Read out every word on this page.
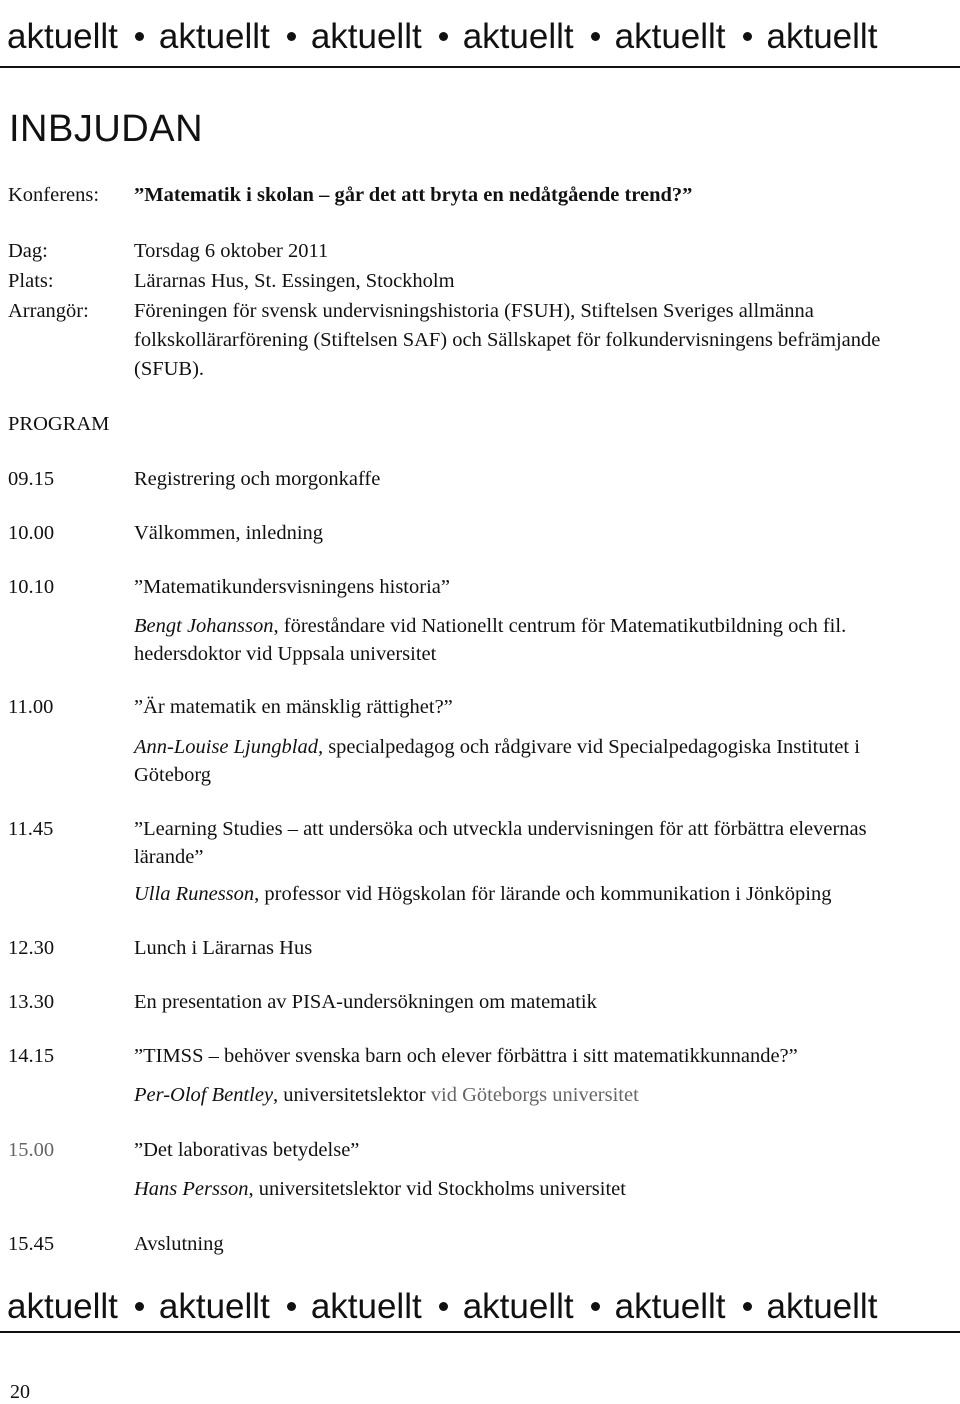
aktuellt aktuellt aktuellt aktuellt aktuellt aktuellt
INBJUDAN
Konferens: ”Matematik i skolan – går det att bryta en nedåtgående trend?”
Dag:	Torsdag 6 oktober 2011
Plats:	Lärarnas Hus, St. Essingen, Stockholm
Arrangör: Föreningen för svensk undervisningshistoria (FSUH), Stiftelsen Sveriges allmänna folkskollärarförening (Stiftelsen SAF) och Sällskapet för folkundervisningens befrämjande (SFUB).
PROGRAM
09.15	Registrering och morgonkaffe
10.00	Välkommen, inledning
10.10	”Matematikundersvisningens historia”
Bengt Johansson, föreståndare vid Nationellt centrum för Matematikutbildning och fil. hedersdoktor vid Uppsala universitet
11.00	”Är matematik en mänsklig rättighet?”
Ann-Louise Ljungblad, specialpedagog och rådgivare vid Specialpedagogiska Institutet i Göteborg
11.45	”Learning Studies – att undersöka och utveckla undervisningen för att förbättra elevernas lärande”
Ulla Runesson, professor vid Högskolan för lärande och kommunikation i Jönköping
12.30	Lunch i Lärarnas Hus
13.30	En presentation av PISA-undersökningen om matematik
14.15	”TIMSS – behöver svenska barn och elever förbättra i sitt matematikkunnande?”
Per-Olof Bentley, universitetslektor vid Göteborgs universitet
15.00	”Det laborativas betydelse”
Hans Persson, universitetslektor vid Stockholms universitet
15.45	Avslutning
aktuellt aktuellt aktuellt aktuellt aktuellt aktuellt
20
